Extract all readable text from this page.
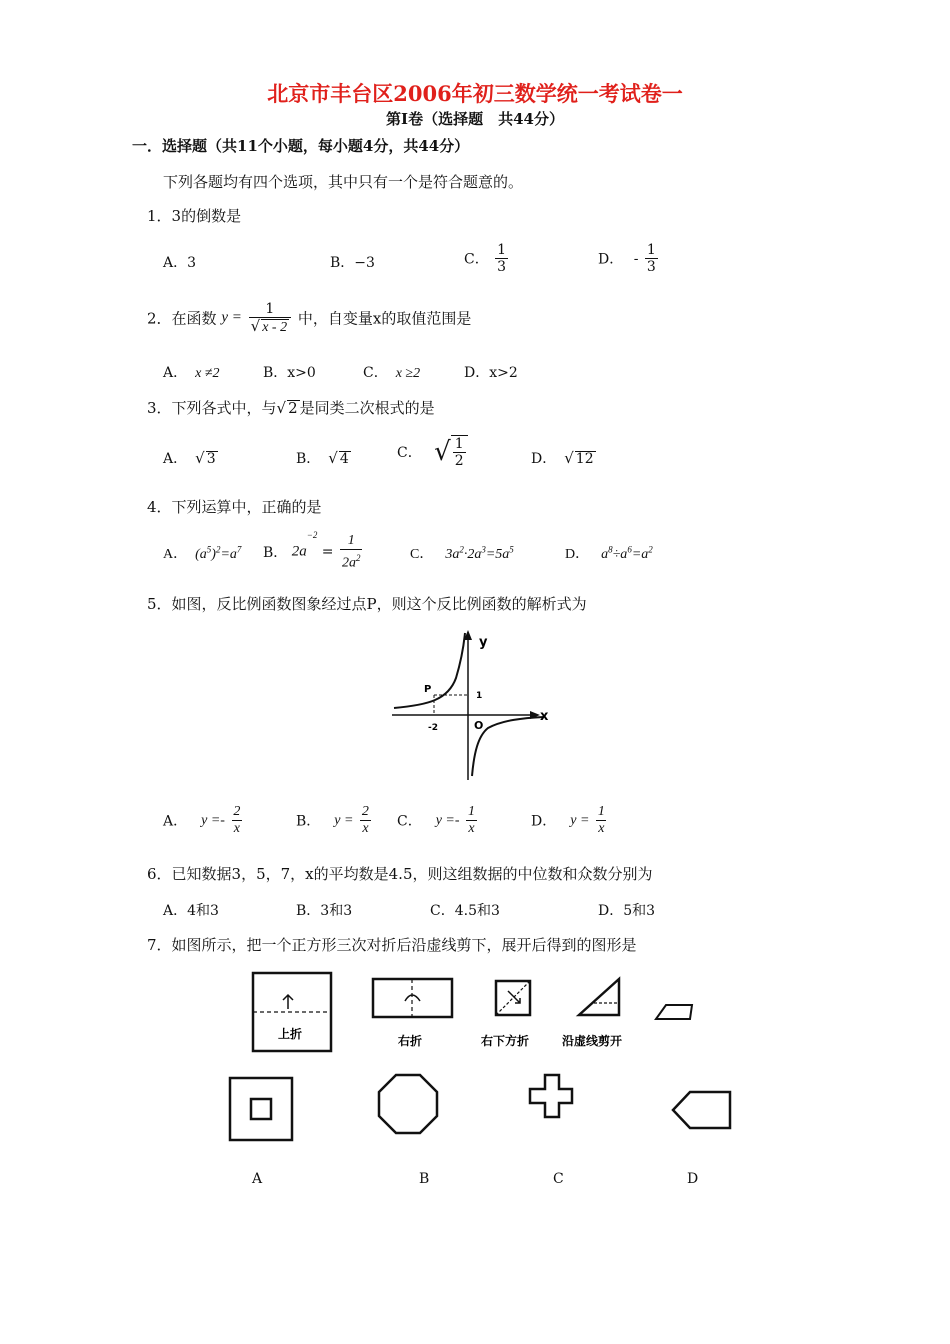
北京市丰台区2006年初三数学统一考试卷一
第Ⅰ卷（选择题　共44分）
一．选择题（共11个小题，每小题4分，共44分）
下列各题均有四个选项，其中只有一个是符合题意的。
1．3的倒数是
A．3	B．−3	C． $\frac{1}{3}$	D． - $\frac{1}{3}$
2．在函数 $y = \frac{1}{√ x - 2}$ 中，自变量x的取值范围是
A． x ≠2	B．x>0	C． x ≥2	D．x>2
3．下列各式中，与√ 2 是同类二次根式的是
A． √ 3	B． √ 4	C． √ $\frac{1}{2}$	D． √ 12
4．下列运算中，正确的是
A． $(a^5)^2=a^7$ B． $2a^{-2} = \frac{1}{2a^2}$	C． $3a^2\cdot 2a^3=5a^5$	D． $a^8\div a^6=a^2$
5．如图，反比例函数图象经过点P，则这个反比例函数的解析式为
P
1
-2	O
y
x
A． $y =- \frac{2}{x}$	B． $y = \frac{2}{x}$ C． $y =- \frac{1}{x}$	D． $y = \frac{1}{x}$
6．已知数据3，5，7，x的平均数是4.5，则这组数据的中位数和众数分别为
A．4和3	B．3和3	C．4.5和3	D．5和3
7．如图所示，把一个正方形三次对折后沿虚线剪下，展开后得到的图形是
上折	右折	右下方折	沿虚线剪开
A	B	C	D
